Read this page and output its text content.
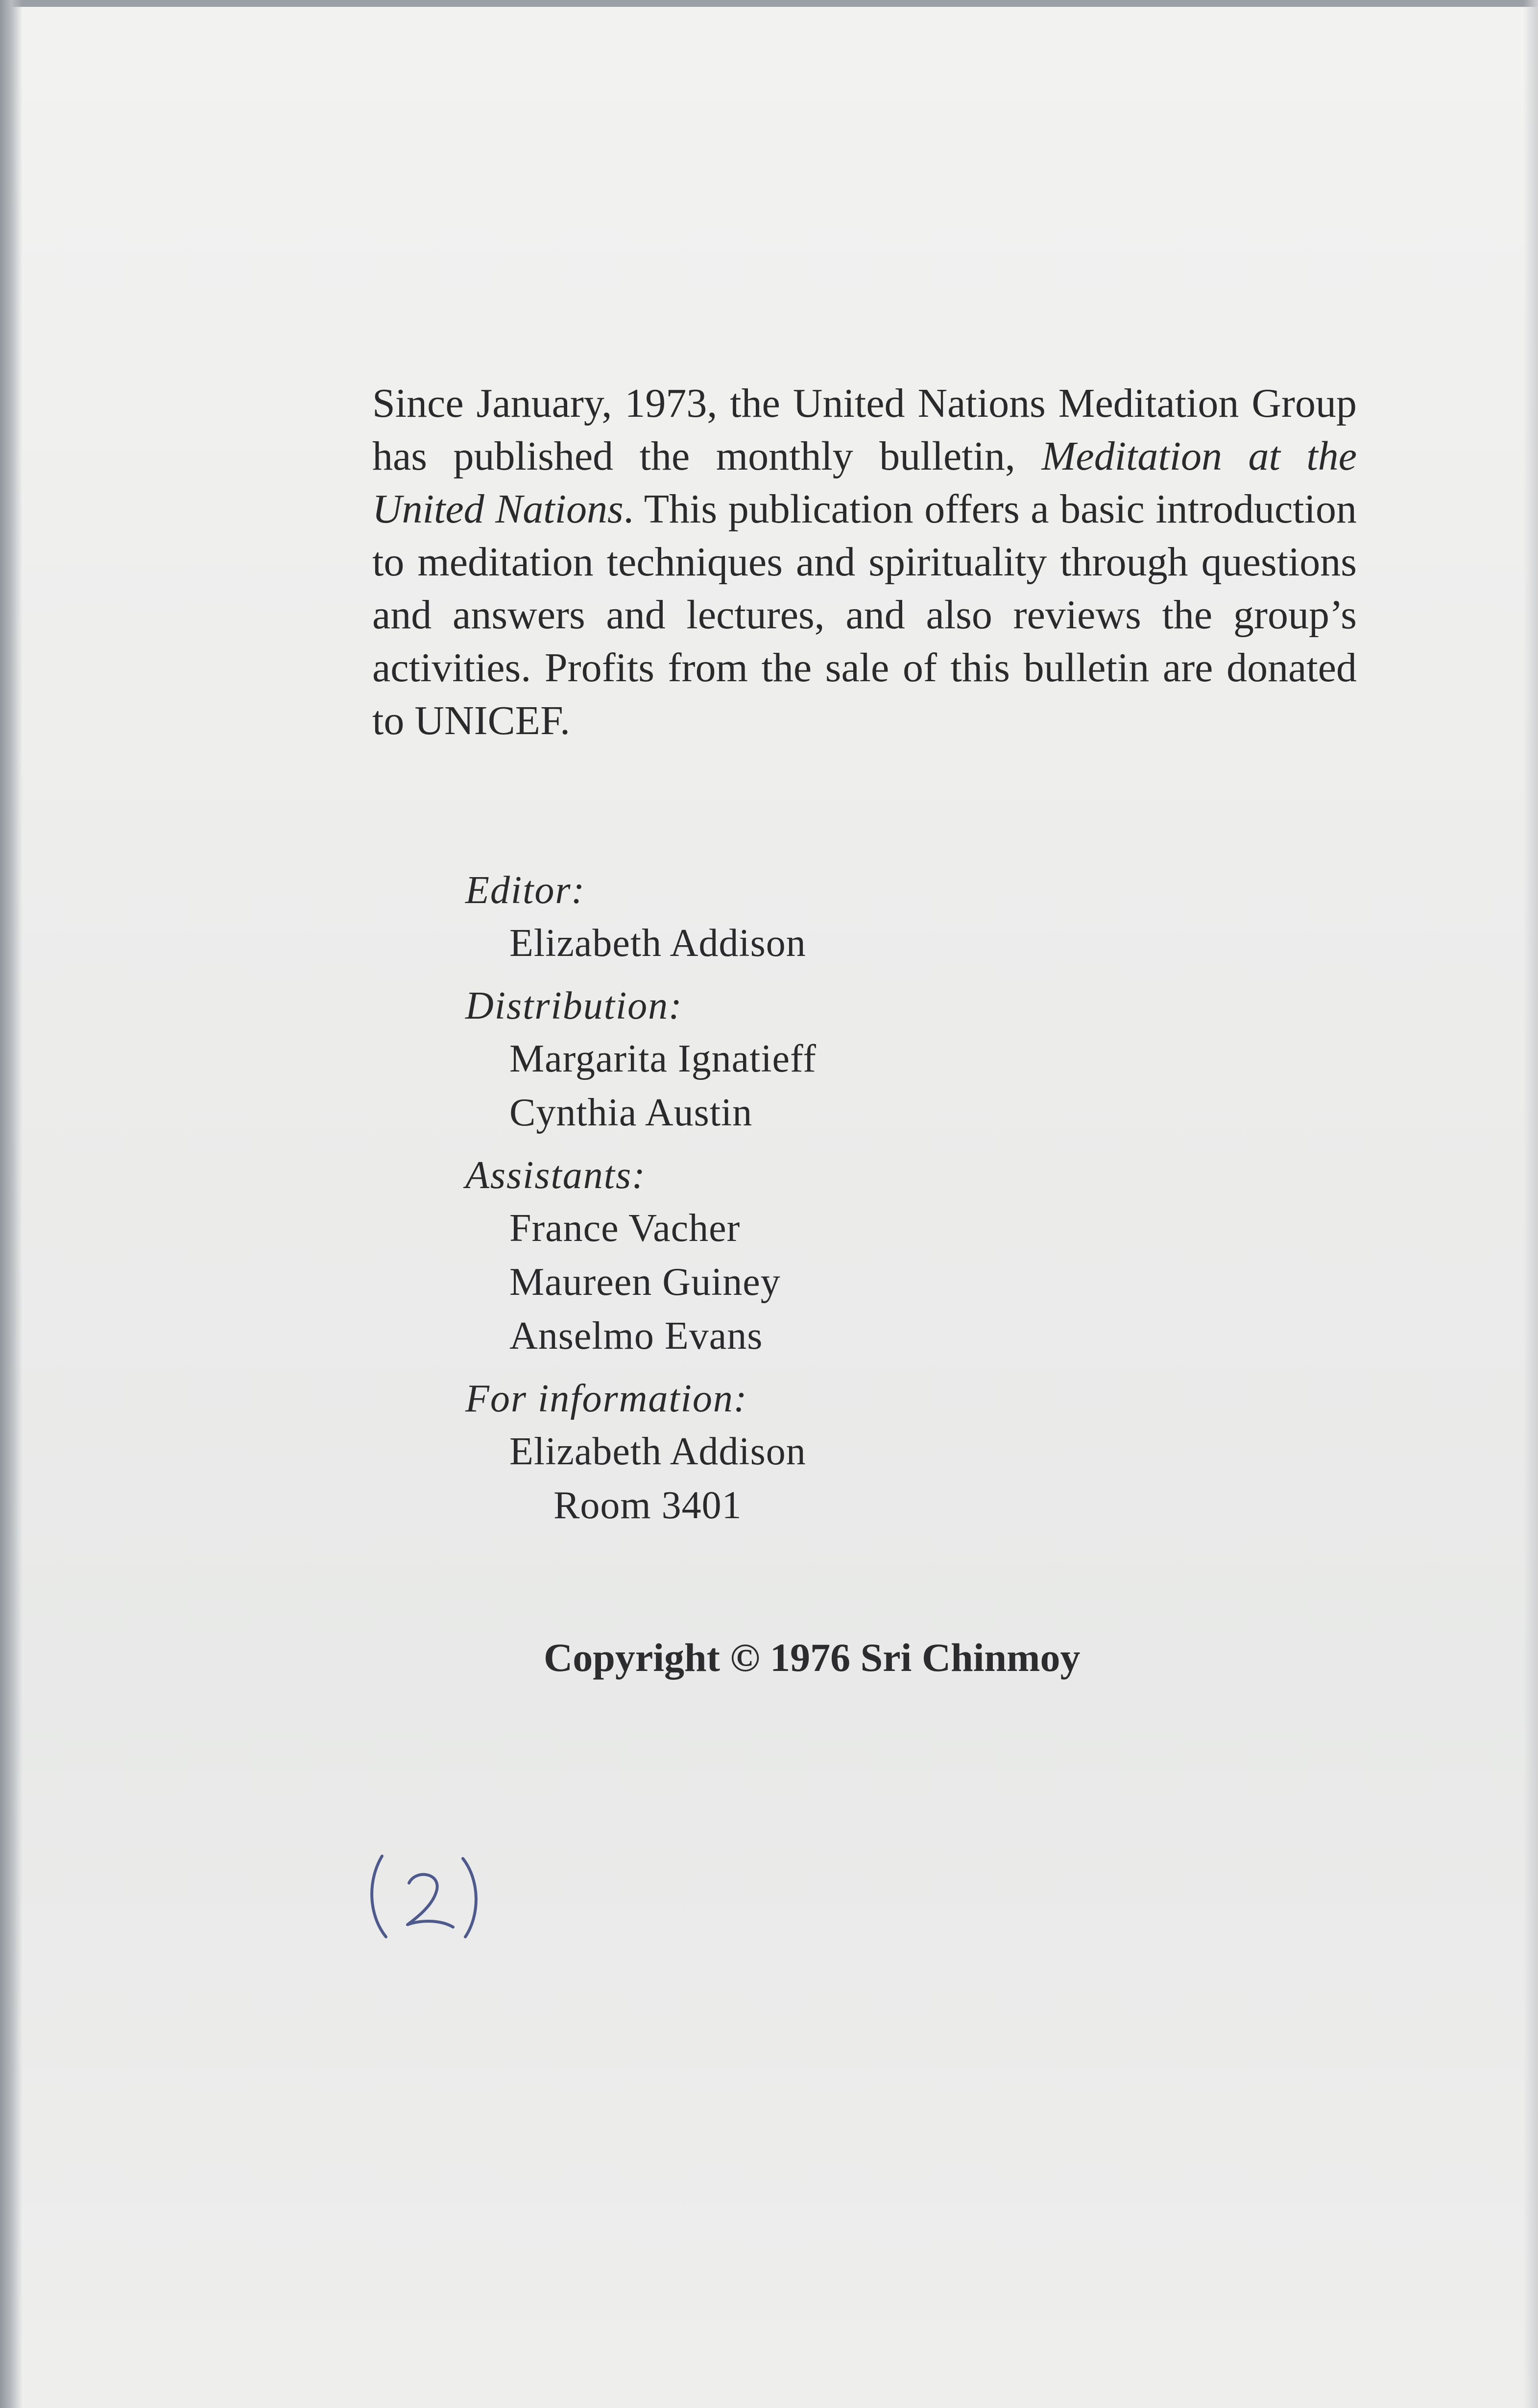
Since January, 1973, the United Nations Meditation Group has published the monthly bulletin, Meditation at the United Nations. This publication offers a basic introduction to meditation techniques and spirituality through questions and answers and lectures, and also reviews the group’s activities. Profits from the sale of this bulletin are donated to UNICEF.

Editor:
Elizabeth Addison
Distribution:
Margarita Ignatieff
Cynthia Austin
Assistants:
France Vacher
Maureen Guiney
Anselmo Evans
For information:
Elizabeth Addison
Room 3401
Copyright © 1976 Sri Chinmoy
